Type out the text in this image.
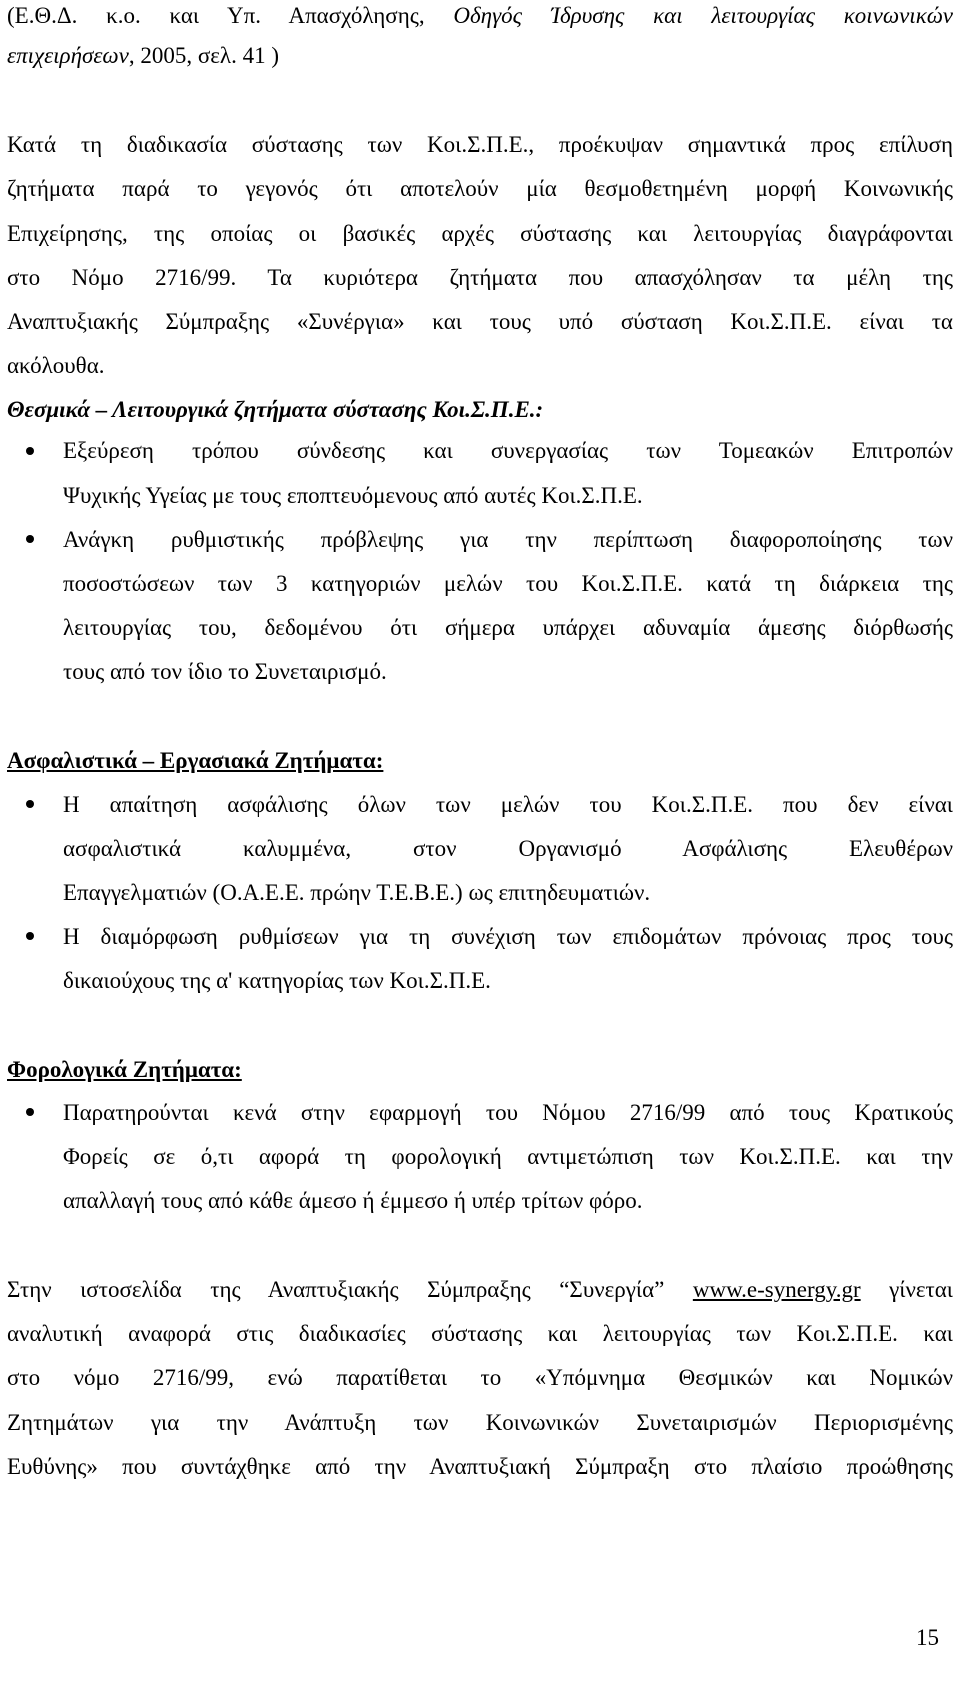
(Ε.Θ.Δ. κ.ο. και Υπ. Απασχόλησης, Οδηγός Ίδρυσης και λειτουργίας κοινωνικών
επιχειρήσεων, 2005, σελ. 41 )
Κατά τη διαδικασία σύστασης των Κοι.Σ.Π.Ε., προέκυψαν σημαντικά προς επίλυση
ζητήματα παρά το γεγονός ότι αποτελούν μία θεσμοθετημένη μορφή Κοινωνικής
Επιχείρησης, της οποίας οι βασικές αρχές σύστασης και λειτουργίας διαγράφονται
στο Νόμο 2716/99. Τα κυριότερα ζητήματα που απασχόλησαν τα μέλη της
Αναπτυξιακής Σύμπραξης «Συνέργια» και τους υπό σύσταση Κοι.Σ.Π.Ε. είναι τα
ακόλουθα.
Θεσμικά – Λειτουργικά ζητήματα σύστασης Κοι.Σ.Π.Ε.:
Εξεύρεση τρόπου σύνδεσης και συνεργασίας των Τομεακών Επιτροπών
Ψυχικής Υγείας με τους εποπτευόμενους από αυτές Κοι.Σ.Π.Ε.
Ανάγκη ρυθμιστικής πρόβλεψης για την περίπτωση διαφοροποίησης των
ποσοστώσεων των 3 κατηγοριών μελών του Κοι.Σ.Π.Ε. κατά τη διάρκεια της
λειτουργίας του, δεδομένου ότι σήμερα υπάρχει αδυναμία άμεσης διόρθωσής
τους από τον ίδιο το Συνεταιρισμό.
Ασφαλιστικά – Εργασιακά Ζητήματα:
Η απαίτηση ασφάλισης όλων των μελών του Κοι.Σ.Π.Ε. που δεν είναι
ασφαλιστικά καλυμμένα, στον Οργανισμό Ασφάλισης Ελευθέρων
Επαγγελματιών (Ο.Α.Ε.Ε. πρώην Τ.Ε.Β.Ε.) ως επιτηδευματιών.
Η διαμόρφωση ρυθμίσεων για τη συνέχιση των επιδομάτων πρόνοιας προς τους
δικαιούχους της α' κατηγορίας των Κοι.Σ.Π.Ε.
Φορολογικά Ζητήματα:
Παρατηρούνται κενά στην εφαρμογή του Νόμου 2716/99 από τους Κρατικούς
Φορείς σε ό,τι αφορά τη φορολογική αντιμετώπιση των Κοι.Σ.Π.Ε. και την
απαλλαγή τους από κάθε άμεσο ή έμμεσο ή υπέρ τρίτων φόρο.
Στην ιστοσελίδα της Αναπτυξιακής Σύμπραξης “Συνεργία” www.e-synergy.gr γίνεται
αναλυτική αναφορά στις διαδικασίες σύστασης και λειτουργίας των Κοι.Σ.Π.Ε. και
στο νόμο 2716/99, ενώ παρατίθεται το «Υπόμνημα Θεσμικών και Νομικών
Ζητημάτων για την Ανάπτυξη των Κοινωνικών Συνεταιρισμών Περιορισμένης
Ευθύνης» που συντάχθηκε από την Αναπτυξιακή Σύμπραξη στο πλαίσιο προώθησης
15
